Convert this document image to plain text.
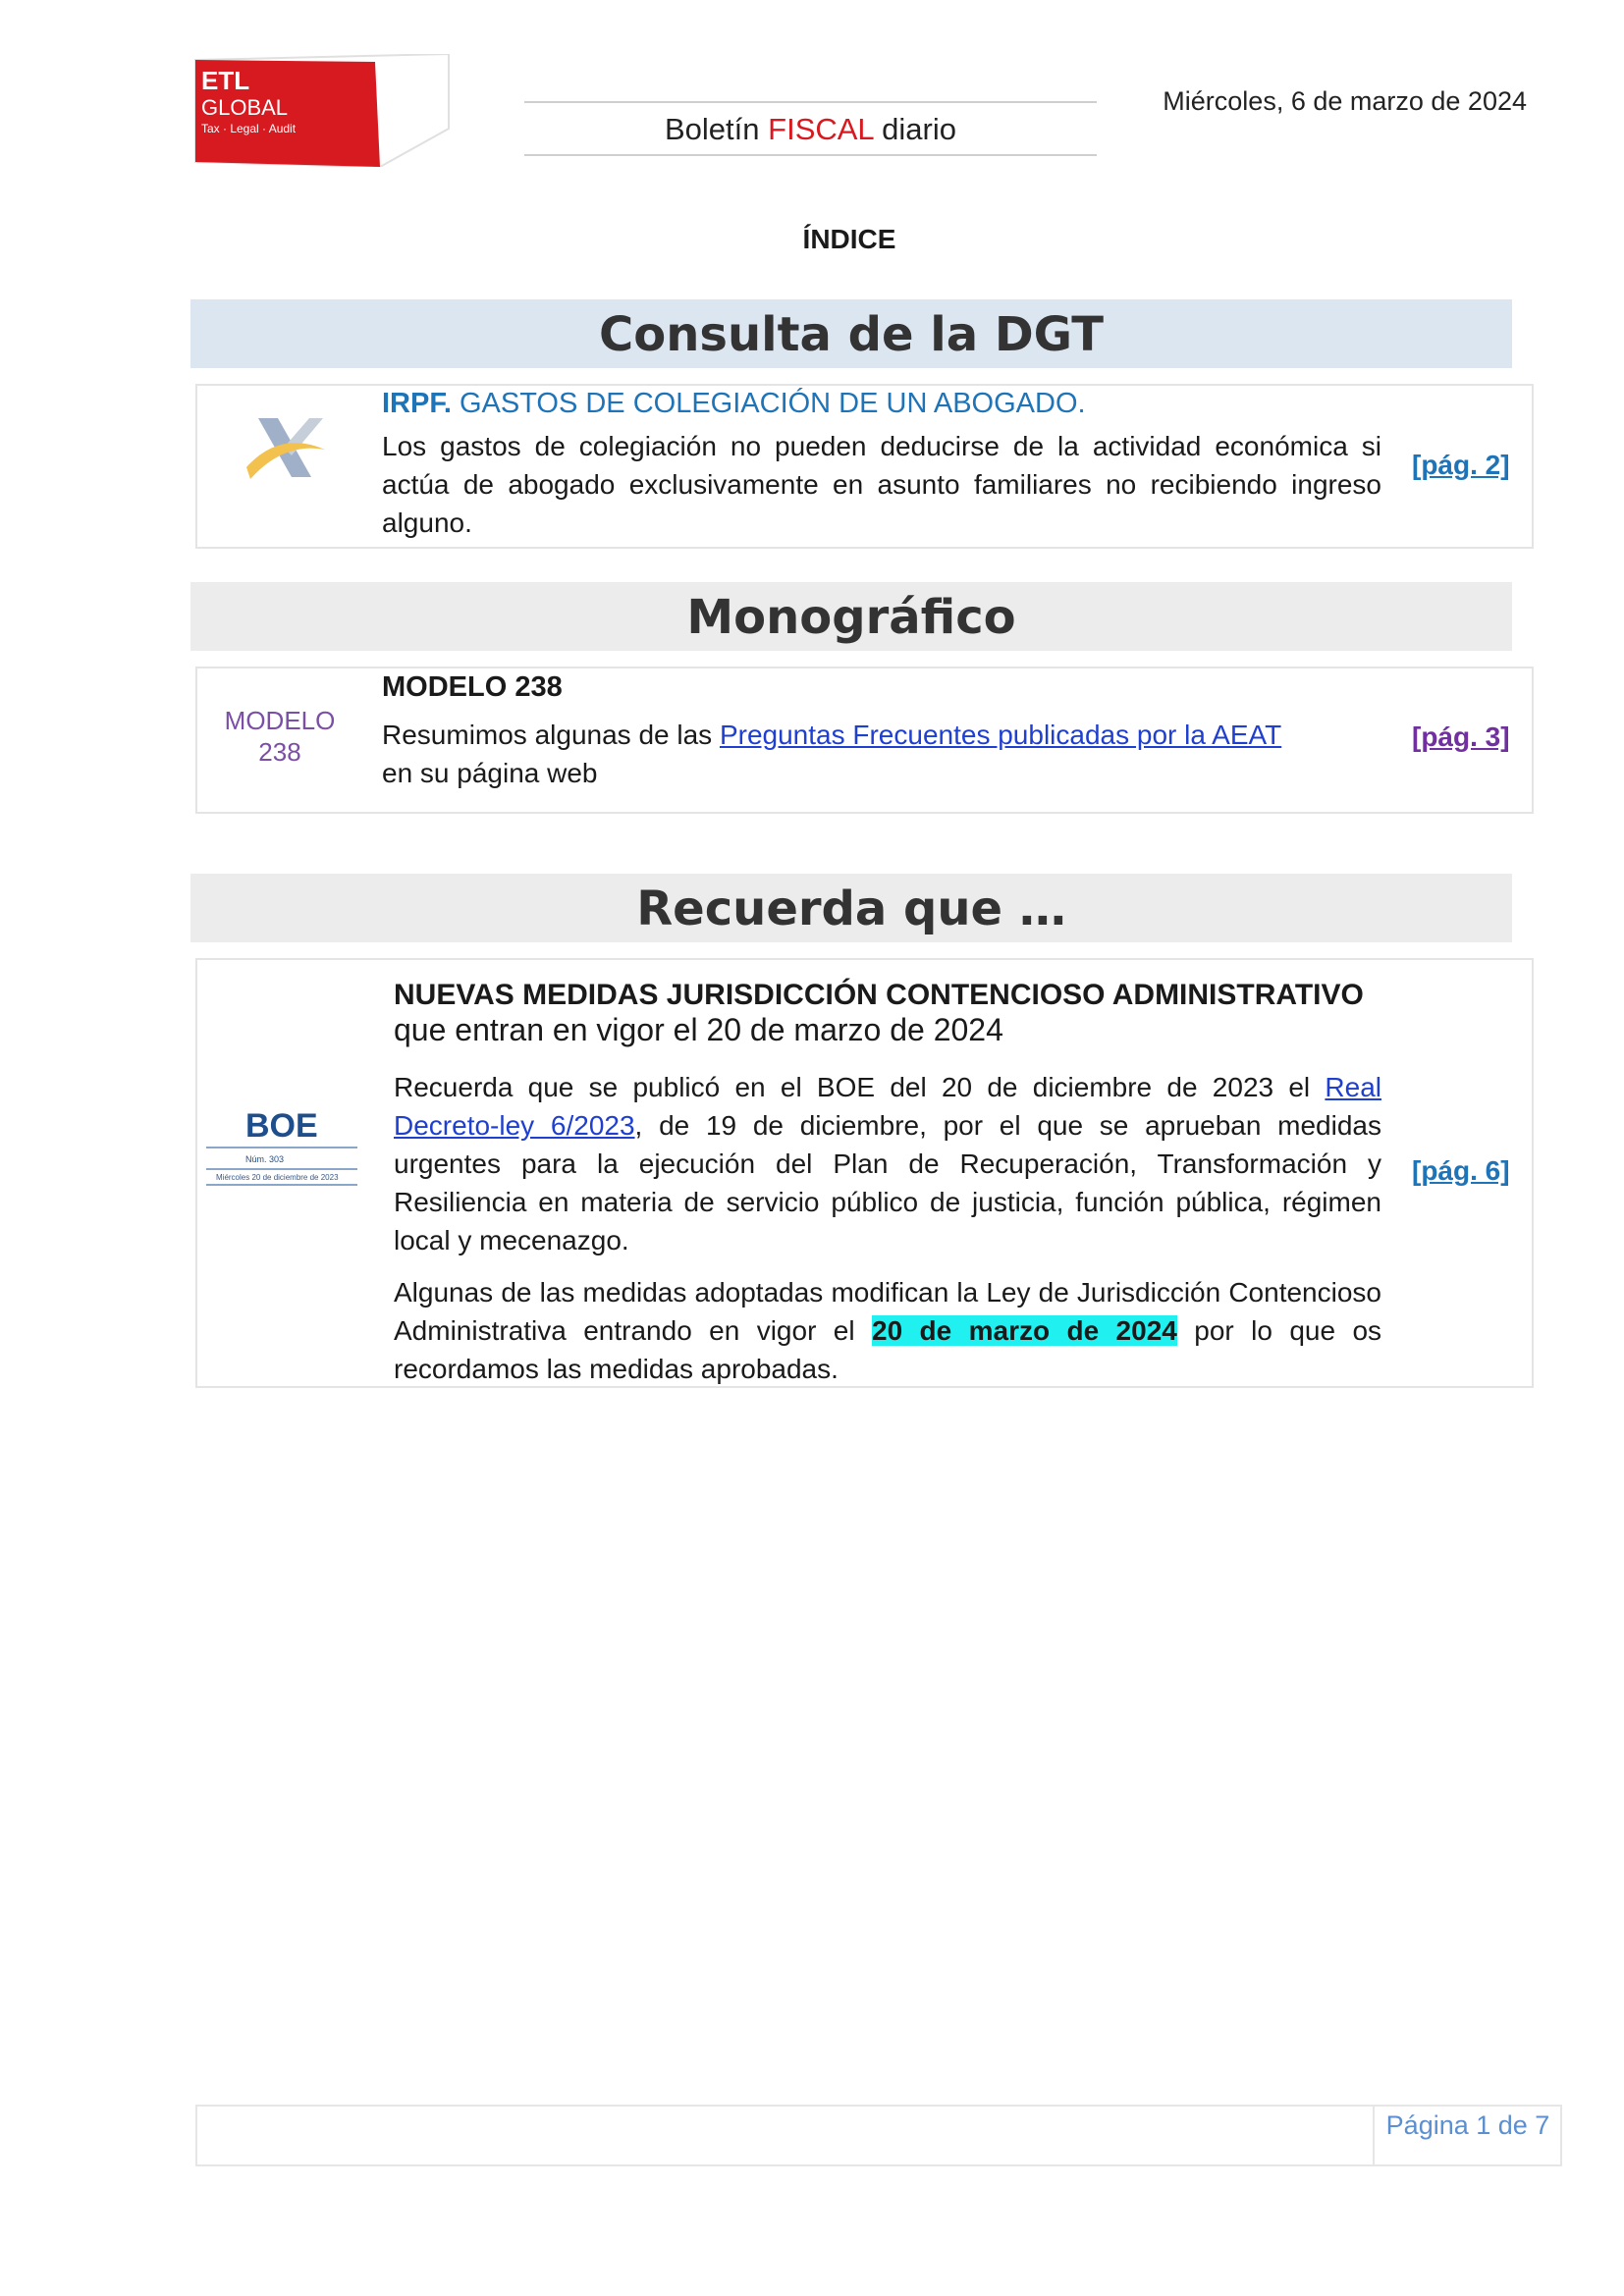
ETL
GLOBAL
Tax · Legal · Audit	Boletín FISCAL diario
Miércoles, 6 de marzo de 2024
ÍNDICE
Consulta de la DGT
IRPF. GASTOS DE COLEGIACIÓN DE UN ABOGADO.
Los gastos de colegiación no pueden deducirse de la actividad económica si actúa de abogado exclusivamente en asunto familiares no recibiendo ingreso alguno.
[pág. 2]
Monográfico
MODELO
238
MODELO 238
Resumimos algunas de las Preguntas Frecuentes publicadas por la AEAT
en su página web
[pág. 3]
Recuerda que …
BOE
Núm. 303
Miércoles 20 de diciembre de 2023
NUEVAS MEDIDAS JURISDICCIÓN CONTENCIOSO ADMINISTRATIVO
que entran en vigor el 20 de marzo de 2024
Recuerda que se publicó en el BOE del 20 de diciembre de 2023 el Real Decreto-ley 6/2023, de 19 de diciembre, por el que se aprueban medidas urgentes para la ejecución del Plan de Recuperación, Transformación y Resiliencia en materia de servicio público de justicia, función pública, régimen local y mecenazgo.
Algunas de las medidas adoptadas modifican la Ley de Jurisdicción Contencioso Administrativa entrando en vigor el 20 de marzo de 2024 por lo que os recordamos las medidas aprobadas.
[pág. 6]
Página 1 de 7
